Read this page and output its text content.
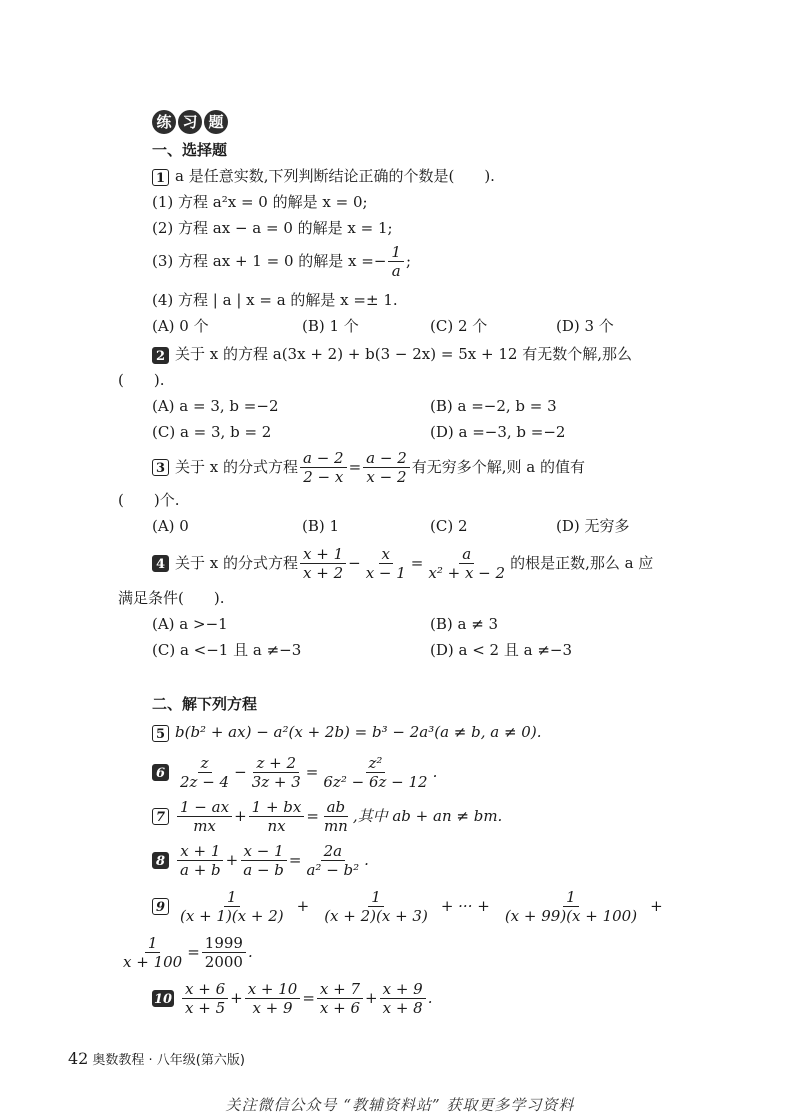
练 习 题
一、选择题
1 a 是任意实数,下列判断结论正确的个数是(　　).
(1) 方程 a²x = 0 的解是 x = 0;
(2) 方程 ax − a = 0 的解是 x = 1;
(3) 方程 ax + 1 = 0 的解是 $x =- \frac{1}{a}$ ;
(4) 方程 | a | x = a 的解是 x =± 1.
(A) 0 个	(B) 1 个	(C) 2 个	(D) 3 个
2 关于 x 的方程 a(3x + 2) + b(3 − 2x) = 5x + 12 有无数个解,那么
(　　).
(A) a = 3, b =−2	(B) a =−2, b = 3
(C) a = 3, b = 2	(D) a =−3, b =−2
3 关于 x 的分式方程 $\frac{a - 2}{2 - x} = \frac{a - 2}{x - 2}$ 有无穷多个解,则 a 的值有
(　　)个.
(A) 0	(B) 1	(C) 2	(D) 无穷多
4 关于 x 的分式方程 $\frac{x + 1}{x + 2} - \frac{x}{x - 1} = \frac{a}{\text{x² + x − 2}}$ 的根是正数,那么 a 应
满足条件(　　).
(A) a >−1	(B) a ≠ 3
(C) a <−1 且 a ≠−3	(D) a < 2 且 a ≠−3
二、解下列方程
5 b(b² + ax) − a²(x + 2b) = b³ − 2a³(a ≠ b, a ≠ 0).
$6 \frac{z}{2z - 4} - \frac{z + 2}{3z + 3} = \frac{\text{z²}}{\text{6z² − 6z − 12}}$ .
$7 \frac{1 - ax}{mx} + \frac{1 + bx}{nx} = \frac{ab}{mn}$ ,其中 ab + an ≠ bm.
$8 \frac{x + 1}{a + b} + \frac{x - 1}{a - b} = \frac{2a}{\text{a² − b²}}$ .
$9 \frac{1}{(x + 1)(x + 2)} + \frac{1}{(x + 2)(x + 3)}$ + ··· + $\frac{1}{(x + 99)(x + 100)}$ +
$\frac{1}{x + 100} = \frac{1999}{2000}$ .
$10 \frac{x + 6}{x + 5} + \frac{x + 10}{x + 9} = \frac{x + 7}{x + 6} + \frac{x + 9}{x + 8}$ .
42 奥数教程 · 八年级(第六版)
关注微信公众号 “教辅资料站” 获取更多学习资料
